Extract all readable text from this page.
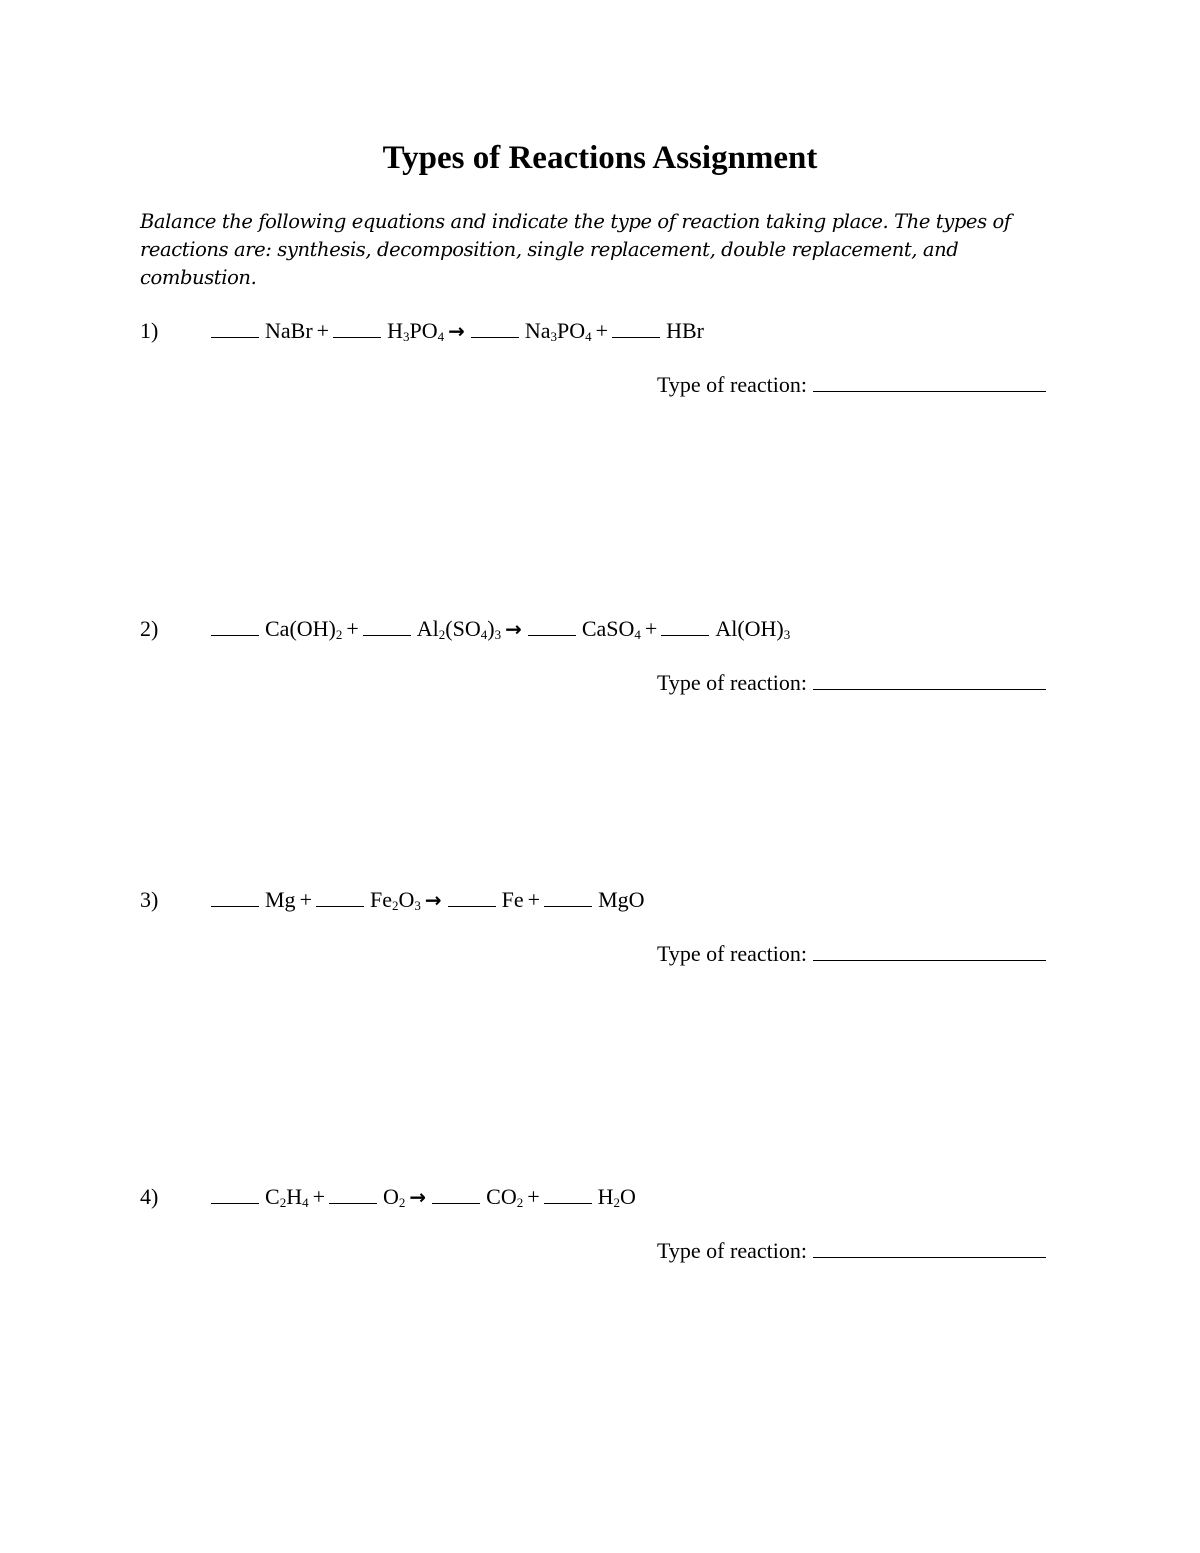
Types of Reactions Assignment

Balance the following equations and indicate the type of reaction taking place. The types of reactions are: synthesis, decomposition, single replacement, double replacement, and combustion.

1)	NaBr +	$H_3PO_4$ →	$Na_3PO_4$ +	HBr
Type of reaction:
2)	$Ca(OH)_2$ +	$Al_2(SO_4)_3$ →	CaSO$_4$ +	$Al(OH)_3$
Type of reaction:
3)	Mg +	$Fe_2O_3$ →	Fe +	MgO
Type of reaction:
4)	$C_2H_4$ +	$O_2$ →	$CO_2$ +	$H_2O$
Type of reaction:
